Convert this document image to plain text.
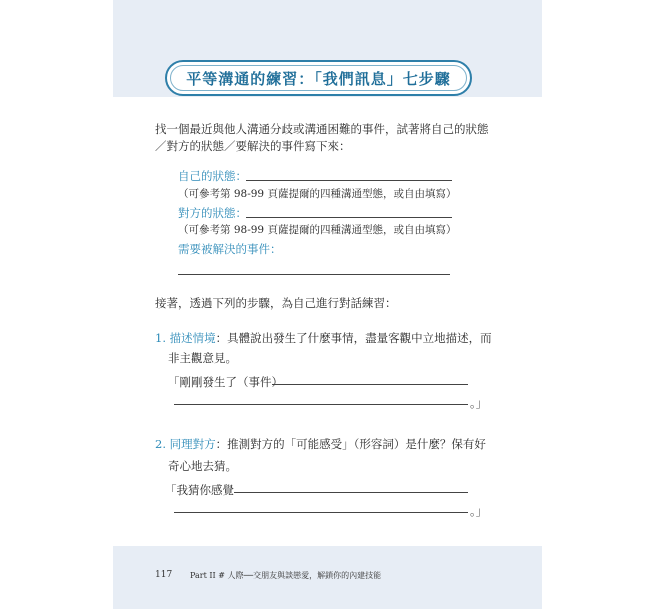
平等溝通的練習：「我們訊息」七步驟
找一個最近與他人溝通分歧或溝通困難的事件，試著將自己的狀態
／對方的狀態／要解決的事件寫下來：
自己的狀態：
（可參考第 98-99 頁薩提爾的四種溝通型態，或自由填寫）
對方的狀態：
（可參考第 98-99 頁薩提爾的四種溝通型態，或自由填寫）
需要被解決的事件：
接著，透過下列的步驟，為自己進行對話練習：
1. 描述情境：具體說出發生了什麼事情，盡量客觀中立地描述，而
非主觀意見。
「剛剛發生了（事件）
。」
2. 同理對方：推測對方的「可能感受」（形容詞）是什麼？保有好
奇心地去猜。
「我猜你感覺
。」
117 Part II # 人際──交朋友與談戀愛，解鎖你的內建技能
